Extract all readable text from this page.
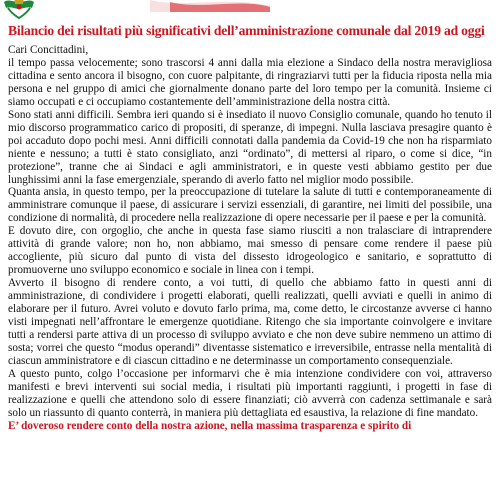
Bilancio dei risultati più significativi dell’amministrazione comunale dal 2019 ad oggi

Cari Concittadini,

il tempo passa velocemente; sono trascorsi 4 anni dalla mia elezione a Sindaco della nostra meravigliosa cittadina e sento ancora il bisogno, con cuore palpitante, di ringraziarvi tutti per la fiducia riposta nella mia persona e nel gruppo di amici che giornalmente donano parte del loro tempo per la comunità. Insieme ci siamo occupati e ci occupiamo costantemente dell’amministrazione della nostra città.

Sono stati anni difficili. Sembra ieri quando si è insediato il nuovo Consiglio comunale, quando ho tenuto il mio discorso programmatico carico di propositi, di speranze, di impegni. Nulla lasciava presagire quanto è poi accaduto dopo pochi mesi. Anni difficili connotati dalla pandemia da Covid-19 che non ha risparmiato niente e nessuno; a tutti è stato consigliato, anzi “ordinato”, di mettersi al riparo, o come si dice, “in protezione”, tranne che ai Sindaci e agli amministratori, e in queste vesti abbiamo gestito per due lunghissimi anni la fase emergenziale, sperando di averlo fatto nel miglior modo possibile.

Quanta ansia, in questo tempo, per la preoccupazione di tutelare la salute di tutti e contemporaneamente di amministrare comunque il paese, di assicurare i servizi essenziali, di garantire, nei limiti del possibile, una condizione di normalità, di procedere nella realizzazione di opere necessarie per il paese e per la comunità.

E dovuto dire, con orgoglio, che anche in questa fase siamo riusciti a non tralasciare di intraprendere attività di grande valore; non ho, non abbiamo, mai smesso di pensare come rendere il paese più accogliente, più sicuro dal punto di vista del dissesto idrogeologico e sanitario, e soprattutto di promuoverne uno sviluppo economico e sociale in linea con i tempi.

Avverto il bisogno di rendere conto, a voi tutti, di quello che abbiamo fatto in questi anni di amministrazione, di condividere i progetti elaborati, quelli realizzati, quelli avviati e quelli in animo di elaborare per il futuro. Avrei voluto e dovuto farlo prima, ma, come detto, le circostanze avverse ci hanno visti impegnati nell’affrontare le emergenze quotidiane. Ritengo che sia importante coinvolgere e invitare tutti a rendersi parte attiva di un processo di sviluppo avviato e che non deve subire nemmeno un attimo di sosta; vorrei che questo “modus operandi” diventasse sistematico e irreversibile, entrasse nella mentalità di ciascun amministratore e di ciascun cittadino e ne determinasse un comportamento consequenziale.

A questo punto, colgo l’occasione per informarvi che è mia intenzione condividere con voi, attraverso manifesti e brevi interventi sui social media, i risultati più importanti raggiunti, i progetti in fase di realizzazione e quelli che attendono solo di essere finanziati; ciò avverrà con cadenza settimanale e sarà solo un riassunto di quanto conterrà, in maniera più dettagliata ed esaustiva, la relazione di fine mandato.

E’ doveroso rendere conto della nostra azione, nella massima trasparenza e spirito di
